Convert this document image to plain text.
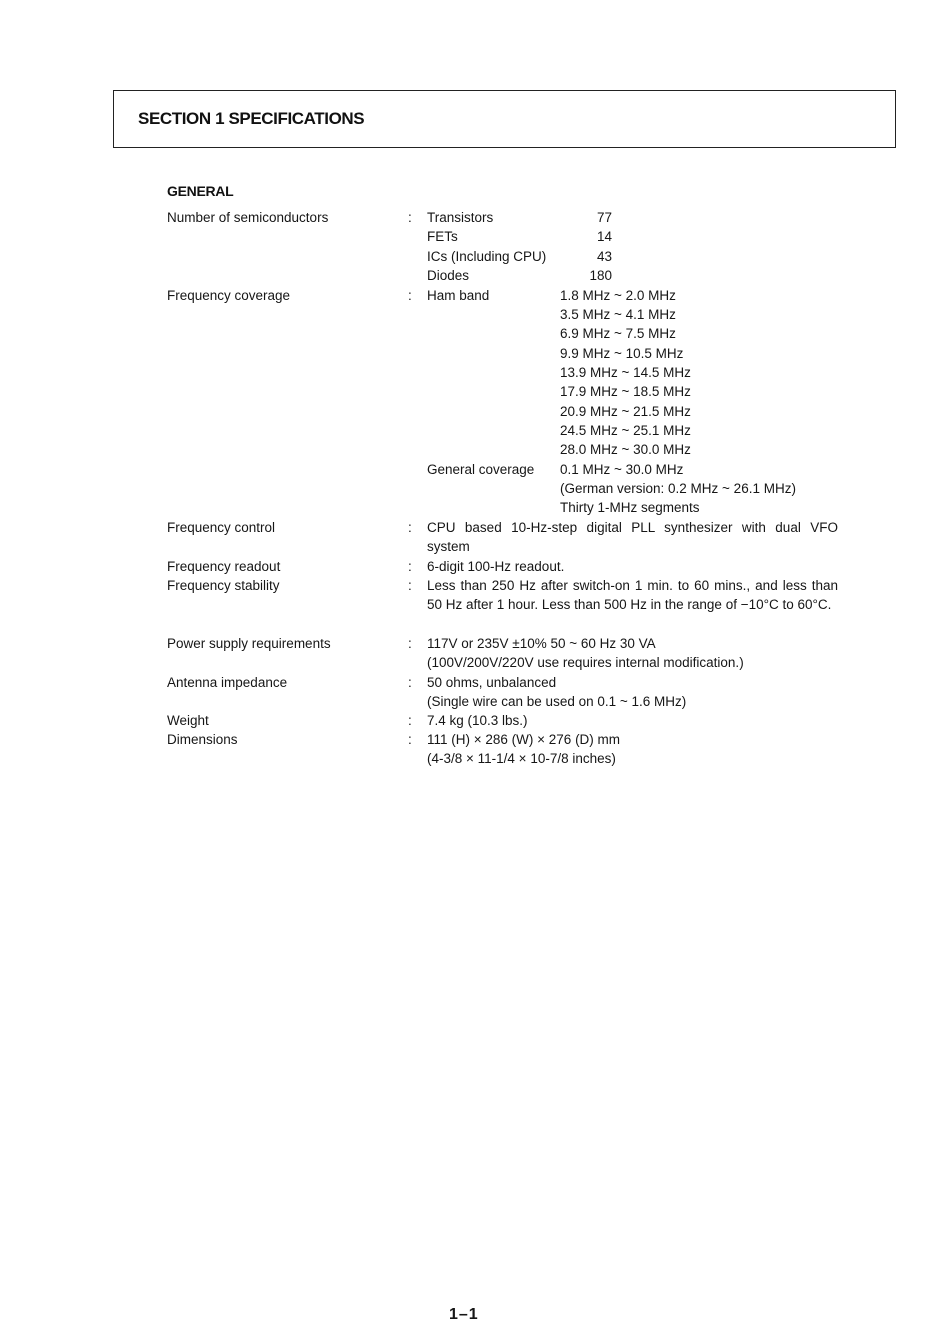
SECTION 1 SPECIFICATIONS
GENERAL
Number of semiconductors	: Transistors	77
FETs	14
ICs (Including CPU)	43
Diodes	180
Frequency coverage	: Ham band	1.8 MHz ~ 2.0 MHz
3.5 MHz ~ 4.1 MHz
6.9 MHz ~ 7.5 MHz
9.9 MHz ~ 10.5 MHz
13.9 MHz ~ 14.5 MHz
17.9 MHz ~ 18.5 MHz
20.9 MHz ~ 21.5 MHz
24.5 MHz ~ 25.1 MHz
28.0 MHz ~ 30.0 MHz
General coverage 0.1 MHz ~ 30.0 MHz
(German version: 0.2 MHz ~ 26.1 MHz)
Thirty 1-MHz segments
Frequency control	: CPU based 10-Hz-step digital PLL synthesizer with dual VFO system
Frequency readout	: 6-digit 100-Hz readout.
Frequency stability	: Less than 250 Hz after switch-on 1 min. to 60 mins., and less than 50 Hz after 1 hour. Less than 500 Hz in the range of −10°C to 60°C.
Power supply requirements	: 117V or 235V ±10% 50 ~ 60 Hz 30 VA
(100V/200V/220V use requires internal modification.)
Antenna impedance	: 50 ohms, unbalanced
(Single wire can be used on 0.1 ~ 1.6 MHz)
Weight	: 7.4 kg (10.3 lbs.)
Dimensions	: 111 (H) × 286 (W) × 276 (D) mm
(4-3/8 × 11-1/4 × 10-7/8 inches)
1–1
